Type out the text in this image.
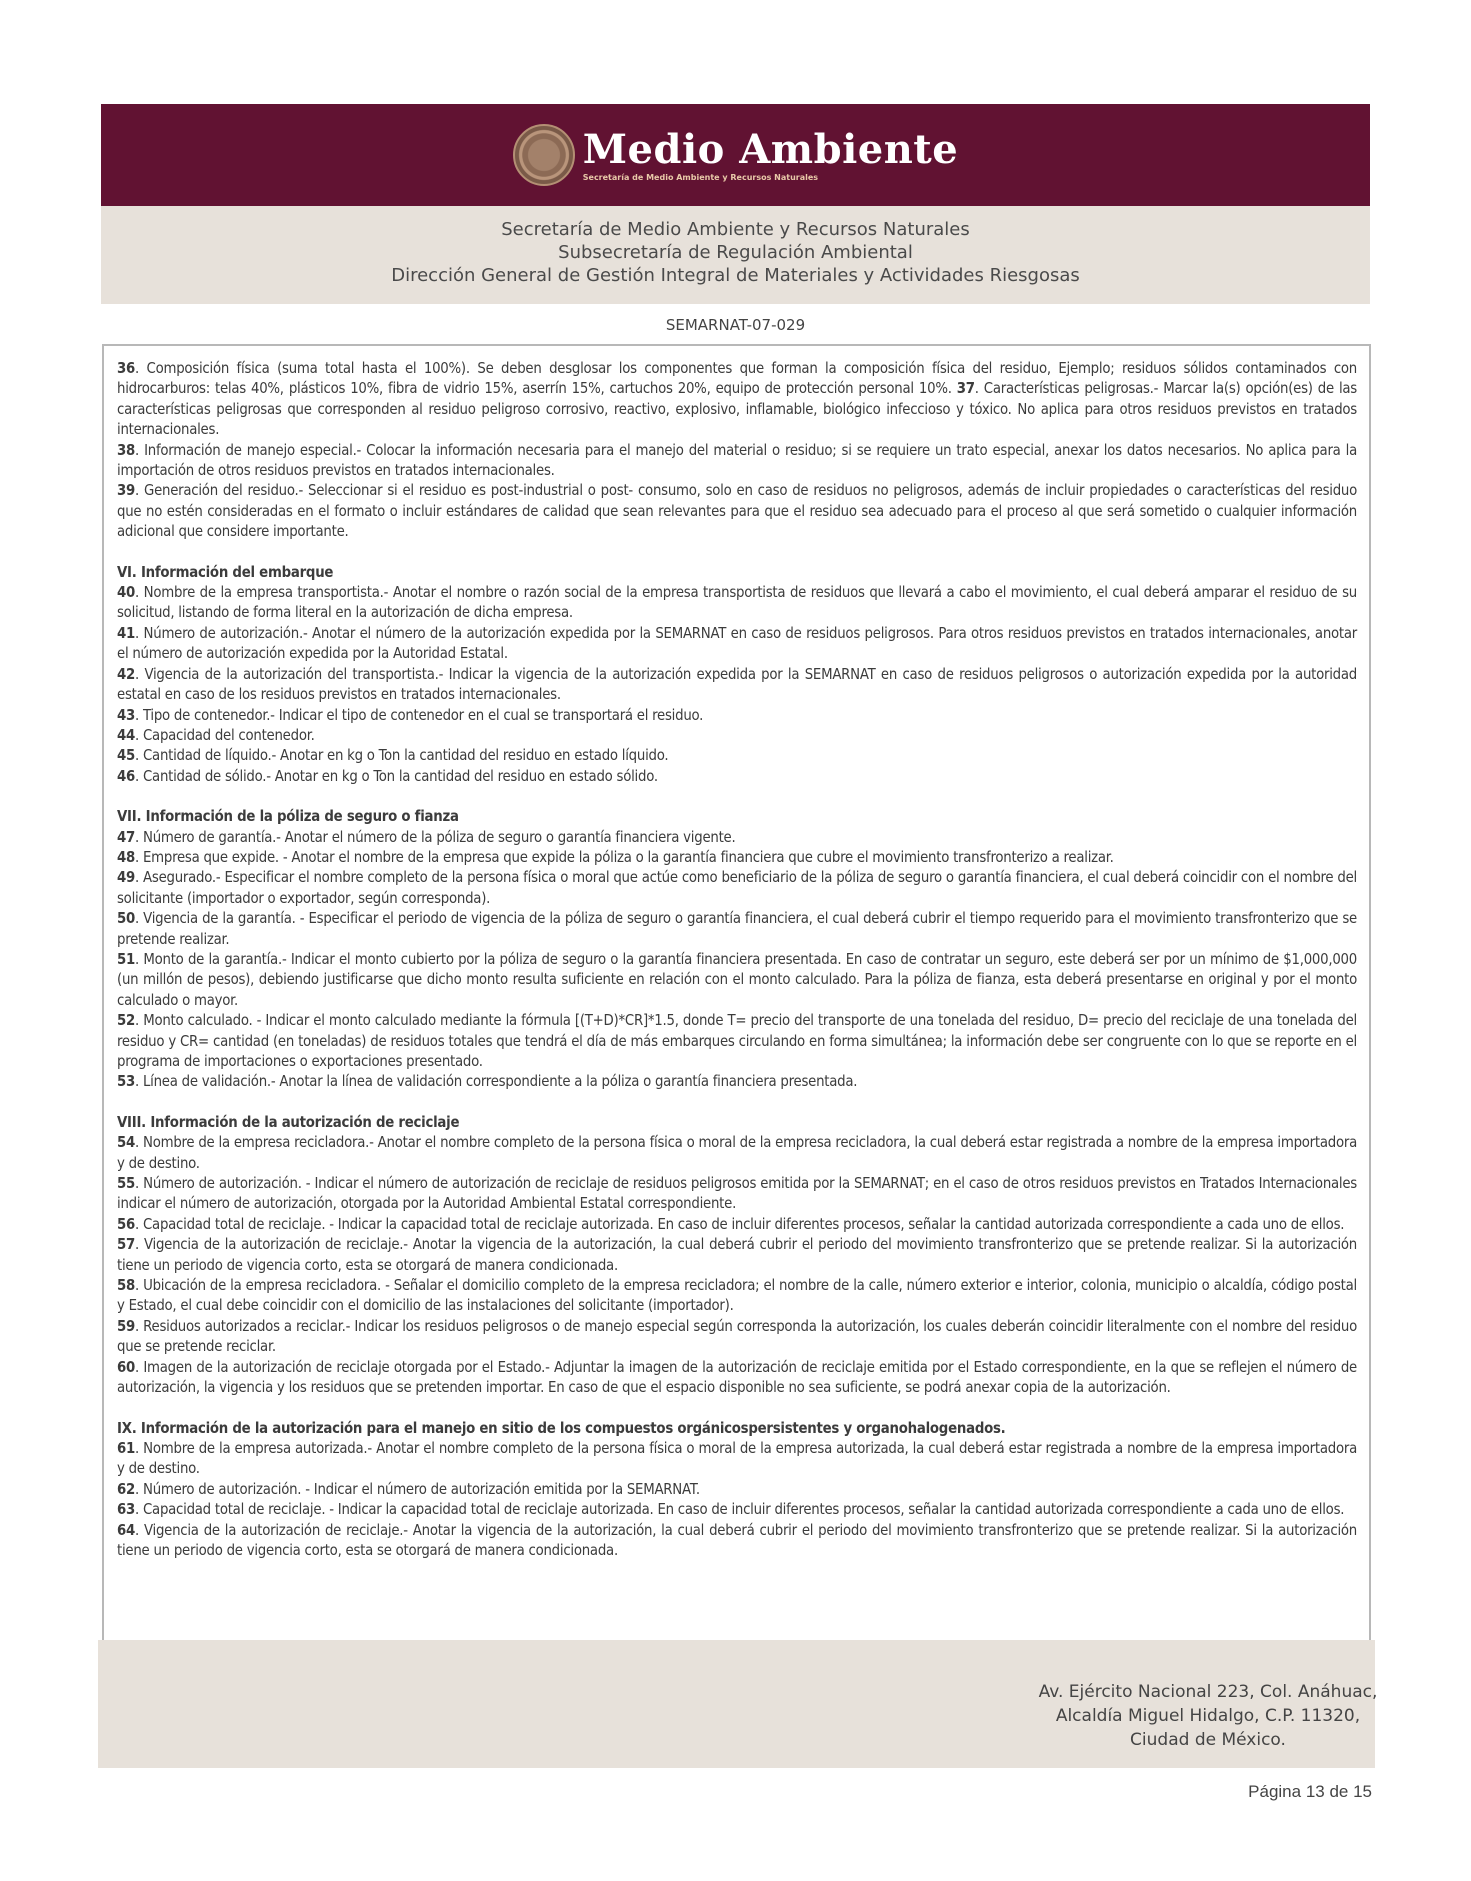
Medio Ambiente
Secretaría de Medio Ambiente y Recursos Naturales
Secretaría de Medio Ambiente y Recursos Naturales
Subsecretaría de Regulación Ambiental
Dirección General de Gestión Integral de Materiales y Actividades Riesgosas
SEMARNAT-07-029

36. Composición física (suma total hasta el 100%). Se deben desglosar los componentes que forman la composición física del residuo, Ejemplo; residuos sólidos contaminados con hidrocarburos: telas 40%, plásticos 10%, fibra de vidrio 15%, aserrín 15%, cartuchos 20%, equipo de protección personal 10%. 37. Características peligrosas.- Marcar la(s) opción(es) de las características peligrosas que corresponden al residuo peligroso corrosivo, reactivo, explosivo, inflamable, biológico infeccioso y tóxico. No aplica para otros residuos previstos en tratados internacionales.

38. Información de manejo especial.- Colocar la información necesaria para el manejo del material o residuo; si se requiere un trato especial, anexar los datos necesarios. No aplica para la importación de otros residuos previstos en tratados internacionales.

39. Generación del residuo.- Seleccionar si el residuo es post-industrial o post- consumo, solo en caso de residuos no peligrosos, además de incluir propiedades o características del residuo que no estén consideradas en el formato o incluir estándares de calidad que sean relevantes para que el residuo sea adecuado para el proceso al que será sometido o cualquier información adicional que considere importante.

VI. Información del embarque

40. Nombre de la empresa transportista.- Anotar el nombre o razón social de la empresa transportista de residuos que llevará a cabo el movimiento, el cual deberá amparar el residuo de su solicitud, listando de forma literal en la autorización de dicha empresa.

41. Número de autorización.- Anotar el número de la autorización expedida por la SEMARNAT en caso de residuos peligrosos. Para otros residuos previstos en tratados internacionales, anotar el número de autorización expedida por la Autoridad Estatal.

42. Vigencia de la autorización del transportista.- Indicar la vigencia de la autorización expedida por la SEMARNAT en caso de residuos peligrosos o autorización expedida por la autoridad estatal en caso de los residuos previstos en tratados internacionales.

43. Tipo de contenedor.- Indicar el tipo de contenedor en el cual se transportará el residuo.

44. Capacidad del contenedor.

45. Cantidad de líquido.- Anotar en kg o Ton la cantidad del residuo en estado líquido.

46. Cantidad de sólido.- Anotar en kg o Ton la cantidad del residuo en estado sólido.

VII. Información de la póliza de seguro o fianza

47. Número de garantía.- Anotar el número de la póliza de seguro o garantía financiera vigente.

48. Empresa que expide. - Anotar el nombre de la empresa que expide la póliza o la garantía financiera que cubre el movimiento transfronterizo a realizar.

49. Asegurado.- Especificar el nombre completo de la persona física o moral que actúe como beneficiario de la póliza de seguro o garantía financiera, el cual deberá coincidir con el nombre del solicitante (importador o exportador, según corresponda).

50. Vigencia de la garantía. - Especificar el periodo de vigencia de la póliza de seguro o garantía financiera, el cual deberá cubrir el tiempo requerido para el movimiento transfronterizo que se pretende realizar.

51. Monto de la garantía.- Indicar el monto cubierto por la póliza de seguro o la garantía financiera presentada. En caso de contratar un seguro, este deberá ser por un mínimo de $1,000,000 (un millón de pesos), debiendo justificarse que dicho monto resulta suficiente en relación con el monto calculado. Para la póliza de fianza, esta deberá presentarse en original y por el monto calculado o mayor.

52. Monto calculado. - Indicar el monto calculado mediante la fórmula [(T+D)*CR]*1.5, donde T= precio del transporte de una tonelada del residuo, D= precio del reciclaje de una tonelada del residuo y CR= cantidad (en toneladas) de residuos totales que tendrá el día de más embarques circulando en forma simultánea; la información debe ser congruente con lo que se reporte en el programa de importaciones o exportaciones presentado.

53. Línea de validación.- Anotar la línea de validación correspondiente a la póliza o garantía financiera presentada.

VIII. Información de la autorización de reciclaje

54. Nombre de la empresa recicladora.- Anotar el nombre completo de la persona física o moral de la empresa recicladora, la cual deberá estar registrada a nombre de la empresa importadora y de destino.

55. Número de autorización. - Indicar el número de autorización de reciclaje de residuos peligrosos emitida por la SEMARNAT; en el caso de otros residuos previstos en Tratados Internacionales indicar el número de autorización, otorgada por la Autoridad Ambiental Estatal correspondiente.

56. Capacidad total de reciclaje. - Indicar la capacidad total de reciclaje autorizada. En caso de incluir diferentes procesos, señalar la cantidad autorizada correspondiente a cada uno de ellos.

57. Vigencia de la autorización de reciclaje.- Anotar la vigencia de la autorización, la cual deberá cubrir el periodo del movimiento transfronterizo que se pretende realizar. Si la autorización tiene un periodo de vigencia corto, esta se otorgará de manera condicionada.

58. Ubicación de la empresa recicladora. - Señalar el domicilio completo de la empresa recicladora; el nombre de la calle, número exterior e interior, colonia, municipio o alcaldía, código postal y Estado, el cual debe coincidir con el domicilio de las instalaciones del solicitante (importador).

59. Residuos autorizados a reciclar.- Indicar los residuos peligrosos o de manejo especial según corresponda la autorización, los cuales deberán coincidir literalmente con el nombre del residuo que se pretende reciclar.

60. Imagen de la autorización de reciclaje otorgada por el Estado.- Adjuntar la imagen de la autorización de reciclaje emitida por el Estado correspondiente, en la que se reflejen el número de autorización, la vigencia y los residuos que se pretenden importar. En caso de que el espacio disponible no sea suficiente, se podrá anexar copia de la autorización.

IX. Información de la autorización para el manejo en sitio de los compuestos orgánicospersistentes y organohalogenados.

61. Nombre de la empresa autorizada.- Anotar el nombre completo de la persona física o moral de la empresa autorizada, la cual deberá estar registrada a nombre de la empresa importadora y de destino.

62. Número de autorización. - Indicar el número de autorización emitida por la SEMARNAT.

63. Capacidad total de reciclaje. - Indicar la capacidad total de reciclaje autorizada. En caso de incluir diferentes procesos, señalar la cantidad autorizada correspondiente a cada uno de ellos.

64. Vigencia de la autorización de reciclaje.- Anotar la vigencia de la autorización, la cual deberá cubrir el periodo del movimiento transfronterizo que se pretende realizar. Si la autorización tiene un periodo de vigencia corto, esta se otorgará de manera condicionada.

Av. Ejército Nacional 223, Col. Anáhuac,
Alcaldía Miguel Hidalgo, C.P. 11320,
Ciudad de México.
Página 13 de 15
